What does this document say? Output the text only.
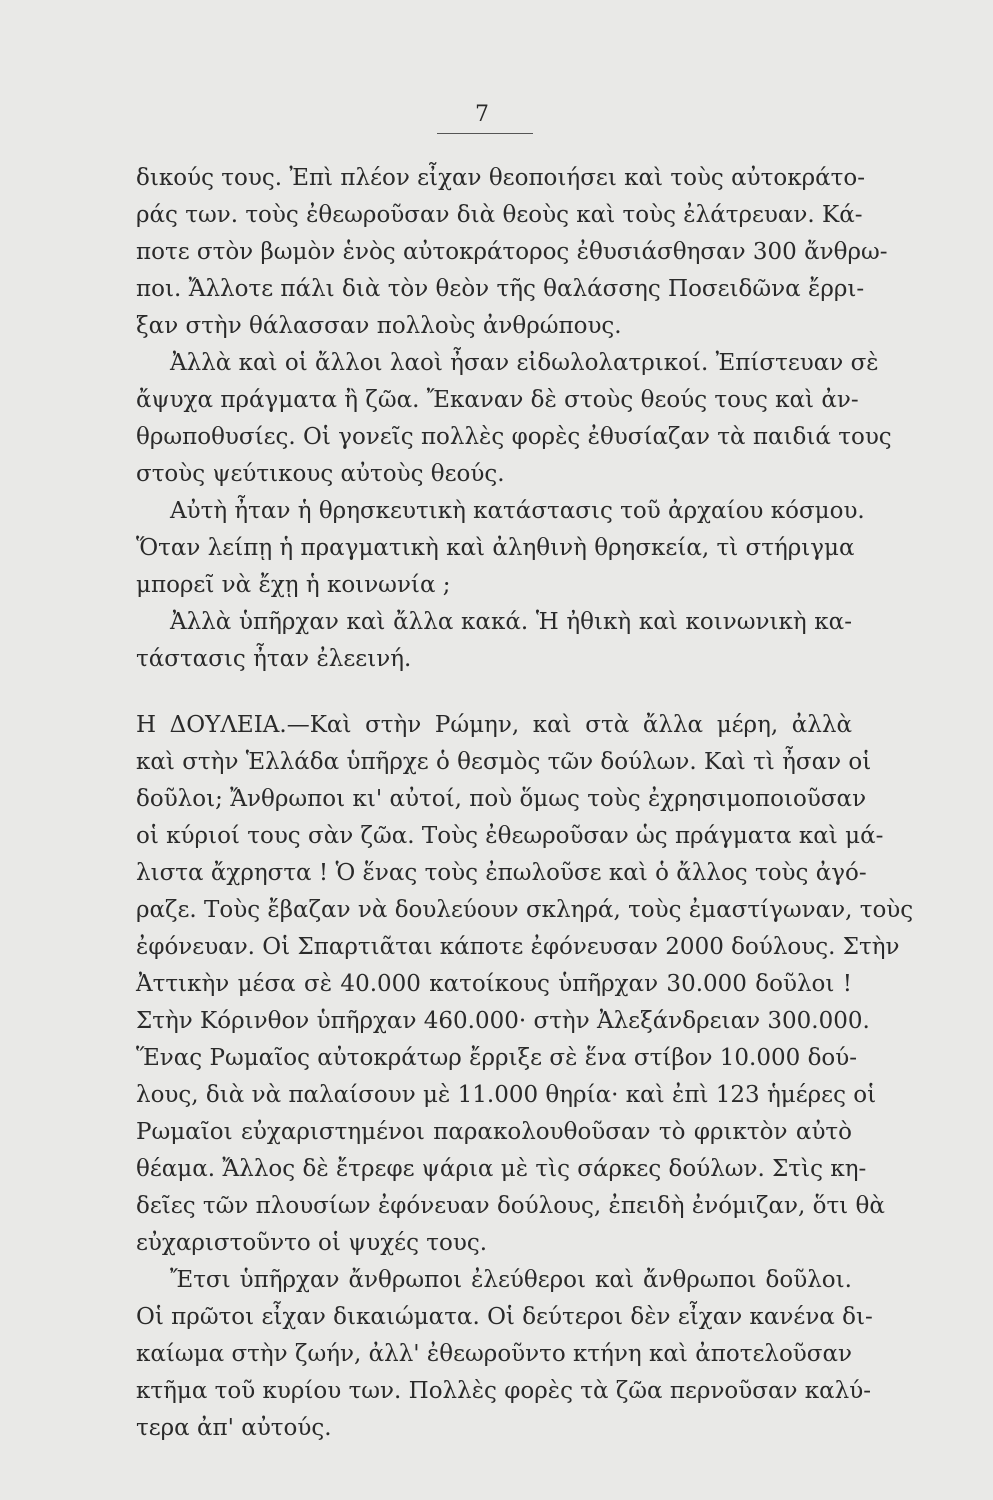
7
δικούς τους. Ἐπὶ πλέον εἶχαν θεοποιήσει καὶ τοὺς αὐτοκράτο-
ράς των. τοὺς ἐθεωροῦσαν διὰ θεοὺς καὶ τοὺς ἐλάτρευαν. Κά-
ποτε στὸν βωμὸν ἑνὸς αὐτοκράτορος ἐθυσιάσθησαν 300 ἄνθρω-
ποι. Ἄλλοτε πάλι διὰ τὸν θεὸν τῆς θαλάσσης Ποσειδῶνα ἔρρι-
ξαν στὴν θάλασσαν πολλοὺς ἀνθρώπους.
Ἀλλὰ καὶ οἱ ἄλλοι λαοὶ ἦσαν εἰδωλολατρικοί. Ἐπίστευαν σὲ
ἄψυχα πράγματα ἢ ζῶα. Ἔκαναν δὲ στοὺς θεούς τους καὶ ἀν-
θρωποθυσίες. Οἱ γονεῖς πολλὲς φορὲς ἐθυσίαζαν τὰ παιδιά τους
στοὺς ψεύτικους αὐτοὺς θεούς.
Αὐτὴ ἦταν ἡ θρησκευτικὴ κατάστασις τοῦ ἀρχαίου κόσμου.
Ὅταν λείπῃ ἡ πραγματικὴ καὶ ἀληθινὴ θρησκεία, τὶ στήριγμα
μπορεῖ νὰ ἔχῃ ἡ κοινωνία ;
Ἀλλὰ ὑπῆρχαν καὶ ἄλλα κακά. Ἡ ἠθικὴ καὶ κοινωνικὴ κα-
τάστασις ἦταν ἐλεεινή.
Η ΔΟΥΛΕΙΑ.—Καὶ στὴν Ρώμην, καὶ στὰ ἄλλα μέρη, ἀλλὰ
καὶ στὴν Ἑλλάδα ὑπῆρχε ὁ θεσμὸς τῶν δούλων. Καὶ τὶ ἦσαν οἱ
δοῦλοι; Ἄνθρωποι κι' αὐτοί, ποὺ ὅμως τοὺς ἐχρησιμοποιοῦσαν
οἱ κύριοί τους σὰν ζῶα. Τοὺς ἐθεωροῦσαν ὡς πράγματα καὶ μά-
λιστα ἄχρηστα ! Ὁ ἕνας τοὺς ἐπωλοῦσε καὶ ὁ ἄλλος τοὺς ἀγό-
ραζε. Τοὺς ἔβαζαν νὰ δουλεύουν σκληρά, τοὺς ἐμαστίγωναν, τοὺς
ἐφόνευαν. Οἱ Σπαρτιᾶται κάποτε ἐφόνευσαν 2000 δούλους. Στὴν
Ἀττικὴν μέσα σὲ 40.000 κατοίκους ὑπῆρχαν 30.000 δοῦλοι !
Στὴν Κόρινθον ὑπῆρχαν 460.000· στὴν Ἀλεξάνδρειαν 300.000.
Ἕνας Ρωμαῖος αὐτοκράτωρ ἔρριξε σὲ ἕνα στίβον 10.000 δού-
λους, διὰ νὰ παλαίσουν μὲ 11.000 θηρία· καὶ ἐπὶ 123 ἡμέρες οἱ
Ρωμαῖοι εὐχαριστημένοι παρακολουθοῦσαν τὸ φρικτὸν αὐτὸ
θέαμα. Ἄλλος δὲ ἔτρεφε ψάρια μὲ τὶς σάρκες δούλων. Στὶς κη-
δεῖες τῶν πλουσίων ἐφόνευαν δούλους, ἐπειδὴ ἐνόμιζαν, ὅτι θὰ
εὐχαριστοῦντο οἱ ψυχές τους.
Ἔτσι ὑπῆρχαν ἄνθρωποι ἐλεύθεροι καὶ ἄνθρωποι δοῦλοι.
Οἱ πρῶτοι εἶχαν δικαιώματα. Οἱ δεύτεροι δὲν εἶχαν κανένα δι-
καίωμα στὴν ζωήν, ἀλλ' ἐθεωροῦντο κτήνη καὶ ἀποτελοῦσαν
κτῆμα τοῦ κυρίου των. Πολλὲς φορὲς τὰ ζῶα περνοῦσαν καλύ-
τερα ἀπ' αὐτούς.
